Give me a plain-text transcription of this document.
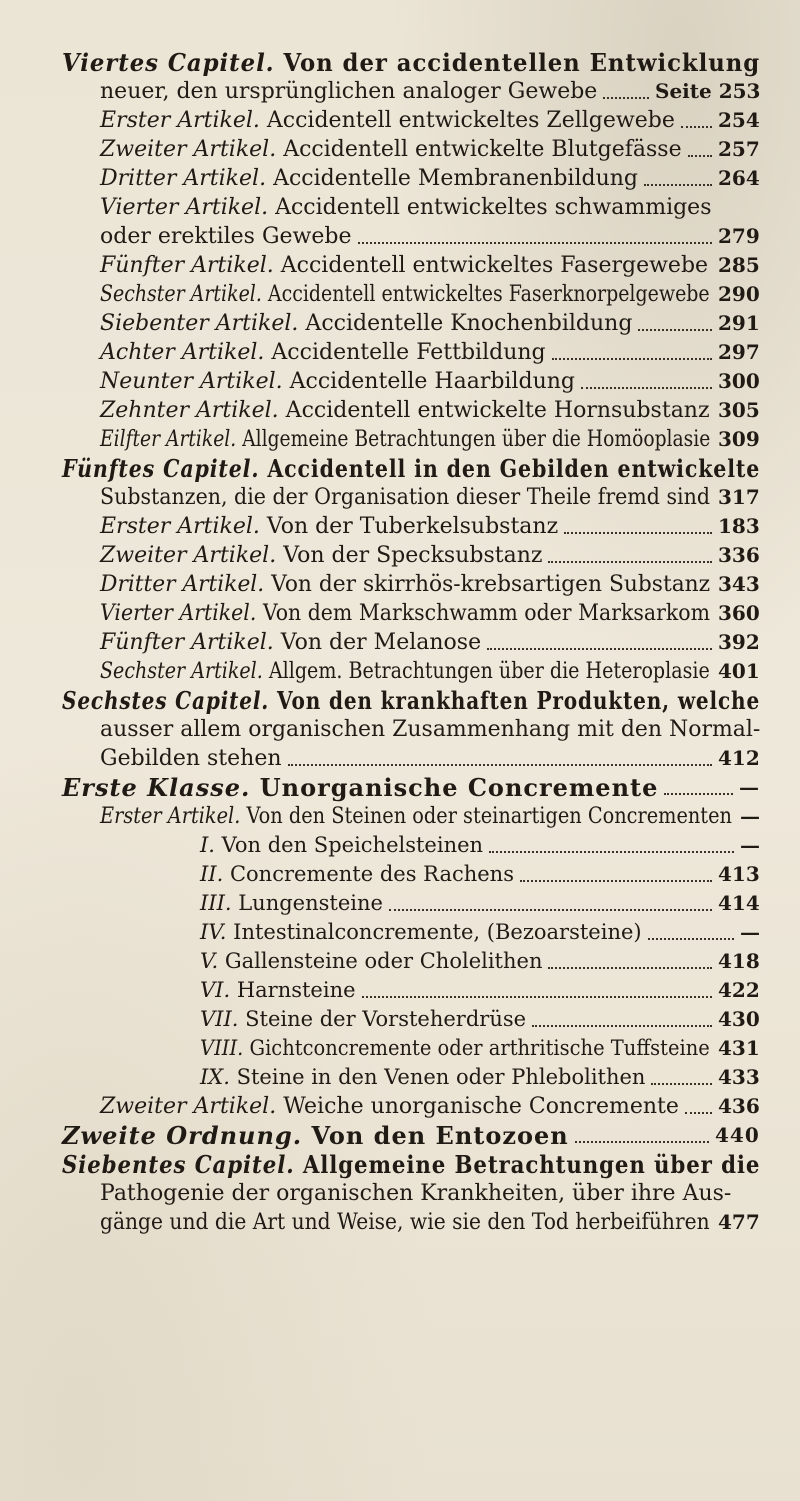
Viertes Capitel. Von der accidentellen Entwicklung
neuer, den ursprünglichen analoger Gewebe	Seite 253
Erster Artikel. Accidentell entwickeltes Zellgewebe 254
Zweiter Artikel. Accidentell entwickelte Blutgefässe 257
Dritter Artikel. Accidentelle Membranenbildung	264
Vierter Artikel. Accidentell entwickeltes schwammiges
oder erektiles Gewebe	279
Fünfter Artikel. Accidentell entwickeltes Fasergewebe 285
Sechster Artikel. Accidentell entwickeltes Faserknorpelgewebe 290
Siebenter Artikel. Accidentelle Knochenbildung	291
Achter Artikel. Accidentelle Fettbildung	297
Neunter Artikel. Accidentelle Haarbildung	300
Zehnter Artikel. Accidentell entwickelte Hornsubstanz 305
Eilfter Artikel. Allgemeine Betrachtungen über die Homöoplasie 309
Fünftes Capitel. Accidentell in den Gebilden entwickelte
Substanzen, die der Organisation dieser Theile fremd sind 317
Erster Artikel. Von der Tuberkelsubstanz	183
Zweiter Artikel. Von der Specksubstanz	336
Dritter Artikel. Von der skirrhös-krebsartigen Substanz 343
Vierter Artikel. Von dem Markschwamm oder Marksarkom 360
Fünfter Artikel. Von der Melanose	392
Sechster Artikel. Allgem. Betrachtungen über die Heteroplasie 401
Sechstes Capitel. Von den krankhaften Produkten, welche
ausser allem organischen Zusammenhang mit den Normal-
Gebilden stehen	412
Erste Klasse. Unorganische Concremente	—
Erster Artikel. Von den Steinen oder steinartigen Concrementen —
I. Von den Speichelsteinen	—
II. Concremente des Rachens	413
III. Lungensteine	414
IV. Intestinalconcremente, (Bezoarsteine)	—
V. Gallensteine oder Cholelithen	418
VI. Harnsteine	422
VII. Steine der Vorsteherdrüse	430
VIII. Gichtconcremente oder arthritische Tuffsteine 431
IX. Steine in den Venen oder Phlebolithen	433
Zweiter Artikel. Weiche unorganische Concremente 436
Zweite Ordnung. Von den Entozoen	440
Siebentes Capitel. Allgemeine Betrachtungen über die
Pathogenie der organischen Krankheiten, über ihre Aus-
gänge und die Art und Weise, wie sie den Tod herbeiführen 477
